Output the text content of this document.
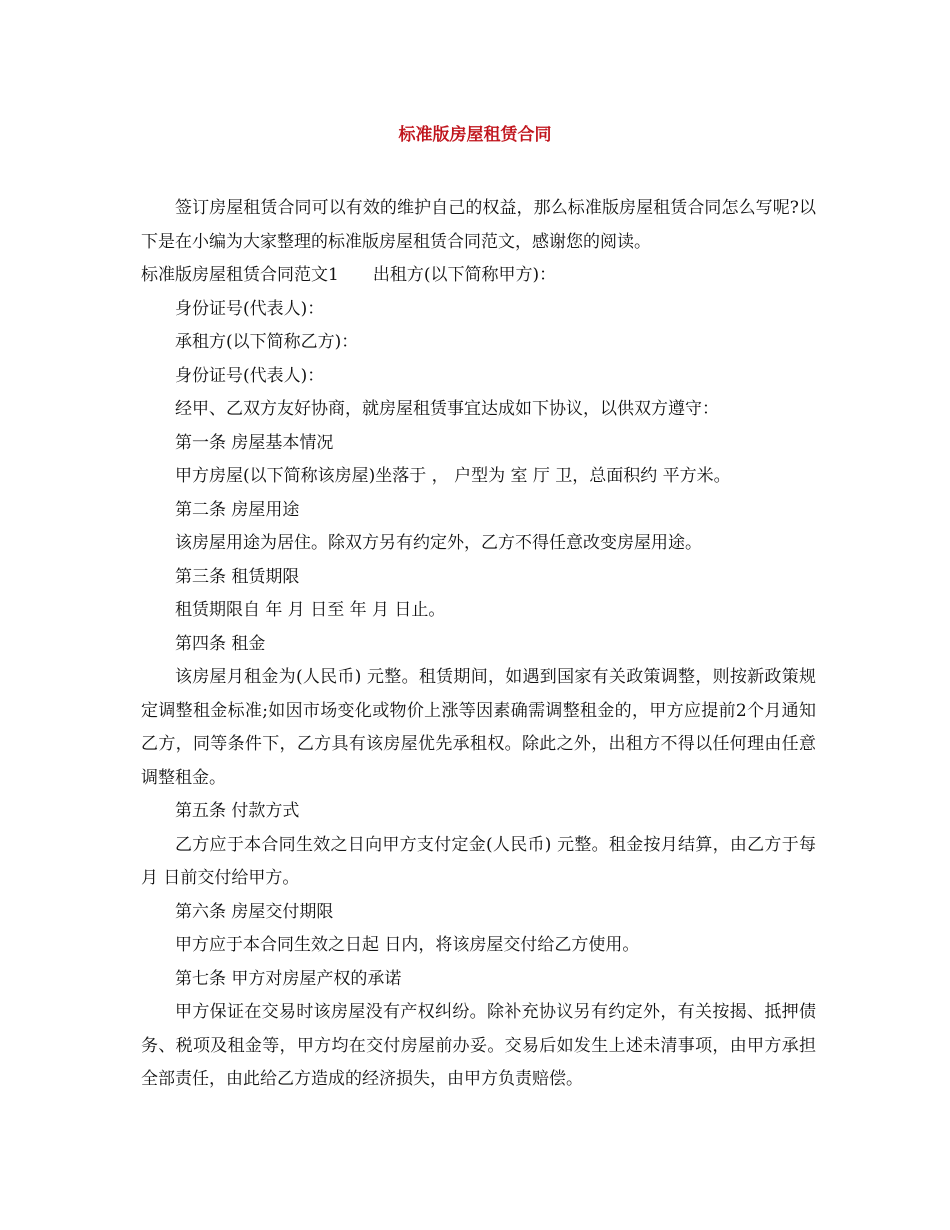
标准版房屋租赁合同

签订房屋租赁合同可以有效的维护自己的权益，那么标准版房屋租赁合同怎么写呢?以下是在小编为大家整理的标准版房屋租赁合同范文，感谢您的阅读。

标准版房屋租赁合同范文1　　出租方(以下简称甲方)：

身份证号(代表人)：

承租方(以下简称乙方)：

身份证号(代表人)：

经甲、乙双方友好协商，就房屋租赁事宜达成如下协议，以供双方遵守：

第一条 房屋基本情况

甲方房屋(以下简称该房屋)坐落于 ， 户型为 室 厅 卫，总面积约 平方米。

第二条 房屋用途

该房屋用途为居住。除双方另有约定外，乙方不得任意改变房屋用途。

第三条 租赁期限

租赁期限自 年 月 日至 年 月 日止。

第四条 租金

该房屋月租金为(人民币) 元整。租赁期间，如遇到国家有关政策调整，则按新政策规定调整租金标准;如因市场变化或物价上涨等因素确需调整租金的，甲方应提前2个月通知乙方，同等条件下，乙方具有该房屋优先承租权。除此之外，出租方不得以任何理由任意调整租金。

第五条 付款方式

乙方应于本合同生效之日向甲方支付定金(人民币) 元整。租金按月结算，由乙方于每月 日前交付给甲方。

第六条 房屋交付期限

甲方应于本合同生效之日起 日内，将该房屋交付给乙方使用。

第七条 甲方对房屋产权的承诺

甲方保证在交易时该房屋没有产权纠纷。除补充协议另有约定外，有关按揭、抵押债务、税项及租金等，甲方均在交付房屋前办妥。交易后如发生上述未清事项，由甲方承担全部责任，由此给乙方造成的经济损失，由甲方负责赔偿。
